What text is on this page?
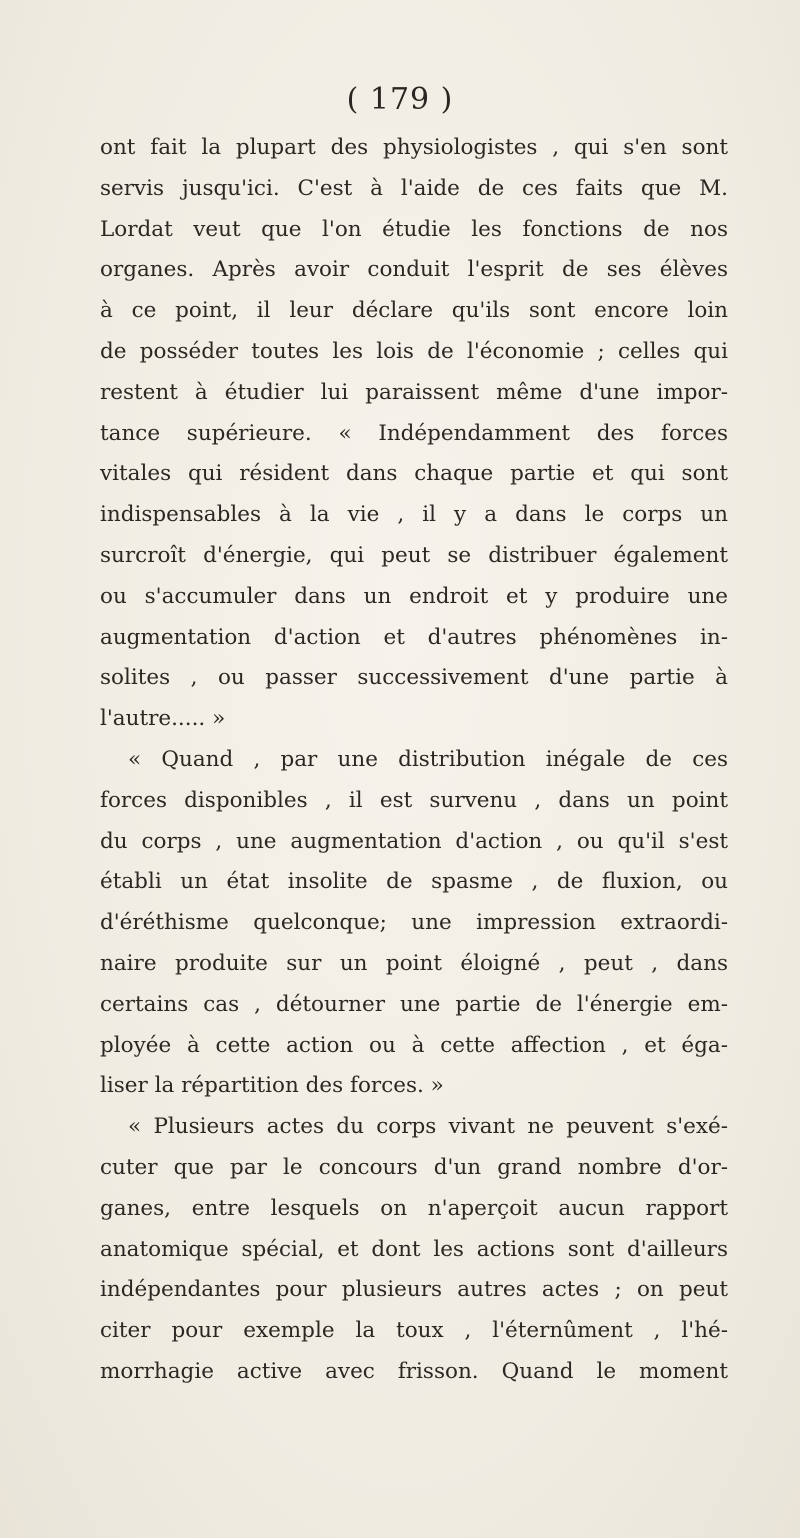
( 179 )
ont fait la plupart des physiologistes , qui s'en sont
servis jusqu'ici. C'est à l'aide de ces faits que M.
Lordat veut que l'on étudie les fonctions de nos
organes. Après avoir conduit l'esprit de ses élèves
à ce point, il leur déclare qu'ils sont encore loin
de posséder toutes les lois de l'économie ; celles qui
restent à étudier lui paraissent même d'une impor-
tance supérieure. « Indépendamment des forces
vitales qui résident dans chaque partie et qui sont
indispensables à la vie , il y a dans le corps un
surcroît d'énergie, qui peut se distribuer également
ou s'accumuler dans un endroit et y produire une
augmentation d'action et d'autres phénomènes in-
solites , ou passer successivement d'une partie à
l'autre..... »
« Quand , par une distribution inégale de ces
forces disponibles , il est survenu , dans un point
du corps , une augmentation d'action , ou qu'il s'est
établi un état insolite de spasme , de fluxion, ou
d'éréthisme quelconque; une impression extraordi-
naire produite sur un point éloigné , peut , dans
certains cas , détourner une partie de l'énergie em-
ployée à cette action ou à cette affection , et éga-
liser la répartition des forces. »
« Plusieurs actes du corps vivant ne peuvent s'exé-
cuter que par le concours d'un grand nombre d'or-
ganes, entre lesquels on n'aperçoit aucun rapport
anatomique spécial, et dont les actions sont d'ailleurs
indépendantes pour plusieurs autres actes ; on peut
citer pour exemple la toux , l'éternûment , l'hé-
morrhagie active avec frisson. Quand le moment
